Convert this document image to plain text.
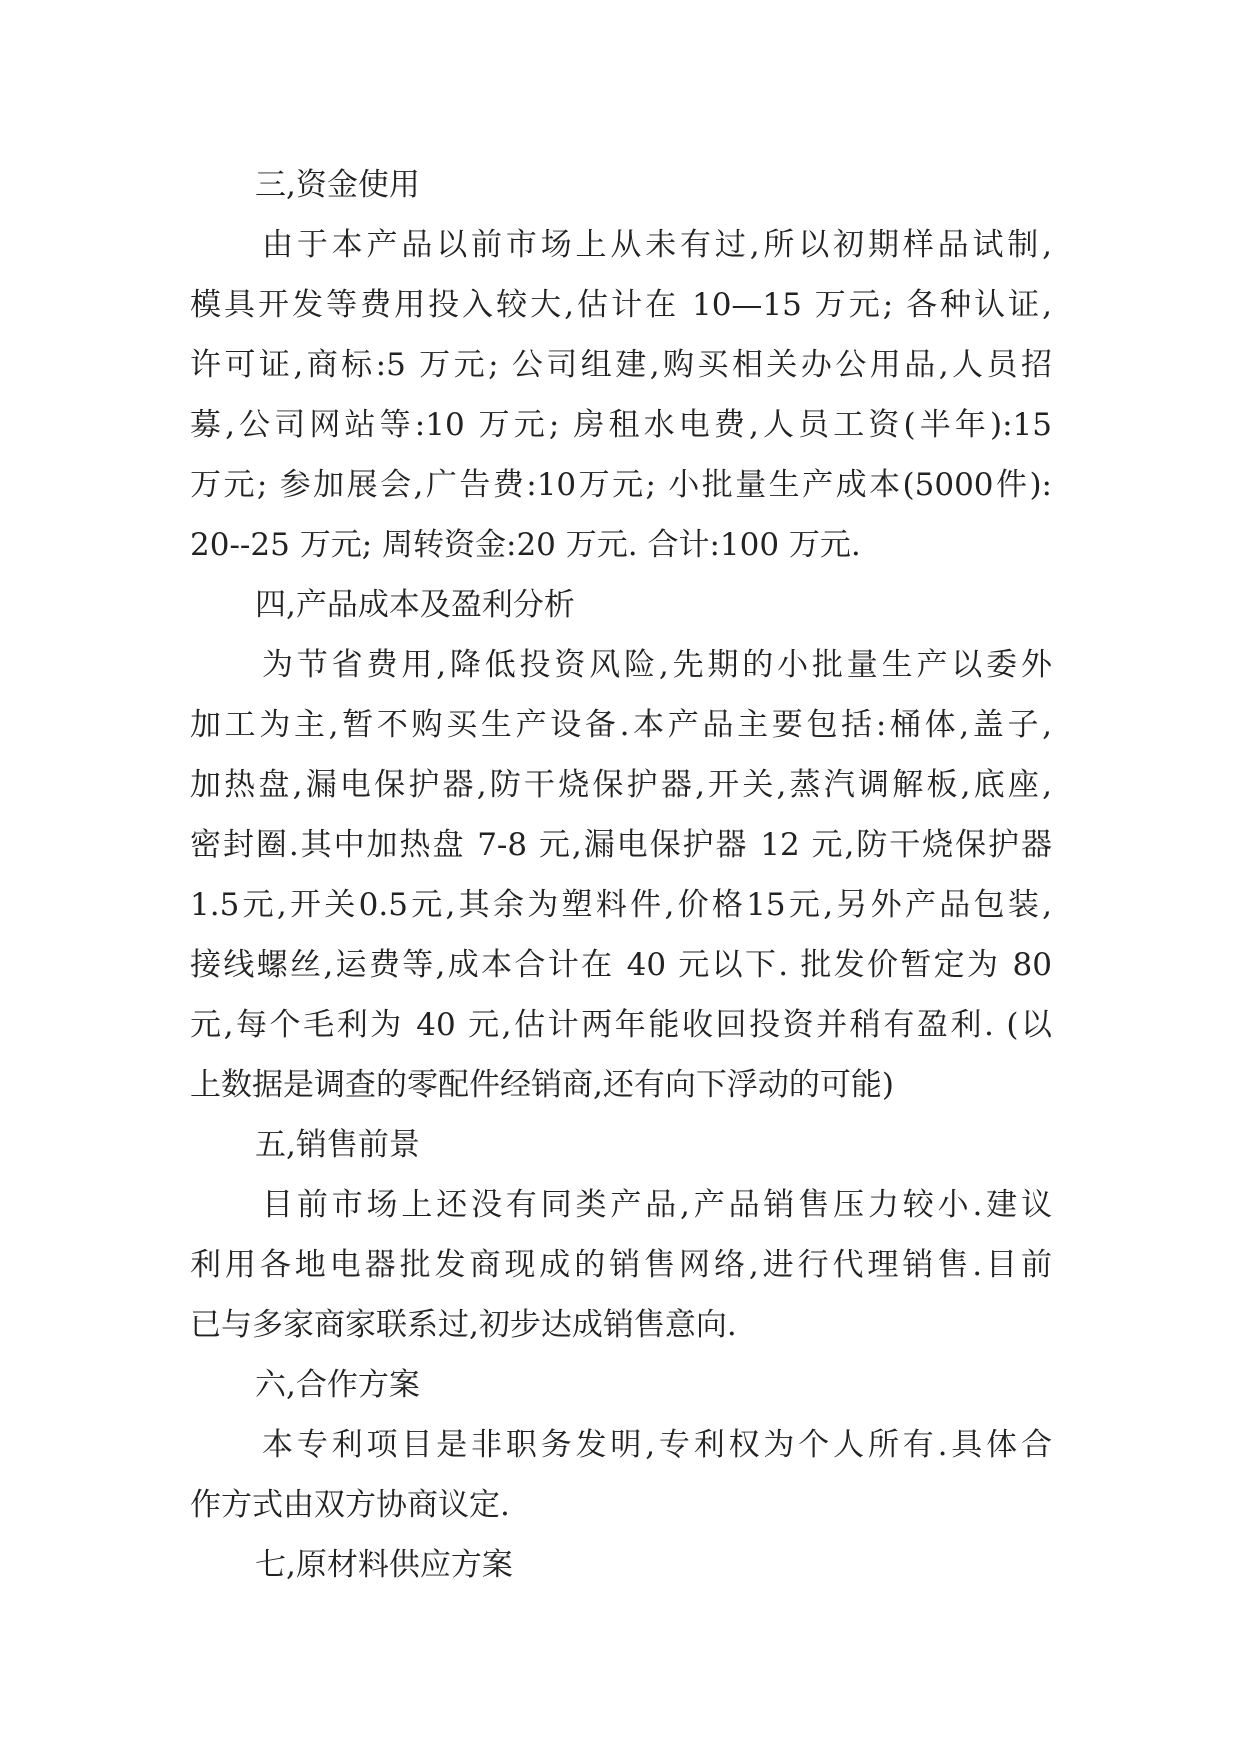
三,资金使用
由于本产品以前市场上从未有过,所以初期样品试制,
模具开发等费用投入较大,估计在 10—15 万元; 各种认证,
许可证,商标:5 万元; 公司组建,购买相关办公用品,人员招
募,公司网站等:10 万元; 房租水电费,人员工资(半年):15
万元; 参加展会,广告费:10万元; 小批量生产成本(5000件):
20--25 万元; 周转资金:20 万元. 合计:100 万元.
四,产品成本及盈利分析
为节省费用,降低投资风险,先期的小批量生产以委外
加工为主,暂不购买生产设备.本产品主要包括:桶体,盖子,
加热盘,漏电保护器,防干烧保护器,开关,蒸汽调解板,底座,
密封圈.其中加热盘 7-8 元,漏电保护器 12 元,防干烧保护器
1.5元,开关0.5元,其余为塑料件,价格15元,另外产品包装,
接线螺丝,运费等,成本合计在 40 元以下. 批发价暂定为 80
元,每个毛利为 40 元,估计两年能收回投资并稍有盈利. (以
上数据是调查的零配件经销商,还有向下浮动的可能)
五,销售前景
目前市场上还没有同类产品,产品销售压力较小.建议
利用各地电器批发商现成的销售网络,进行代理销售.目前
已与多家商家联系过,初步达成销售意向.
六,合作方案
本专利项目是非职务发明,专利权为个人所有.具体合
作方式由双方协商议定.
七,原材料供应方案
